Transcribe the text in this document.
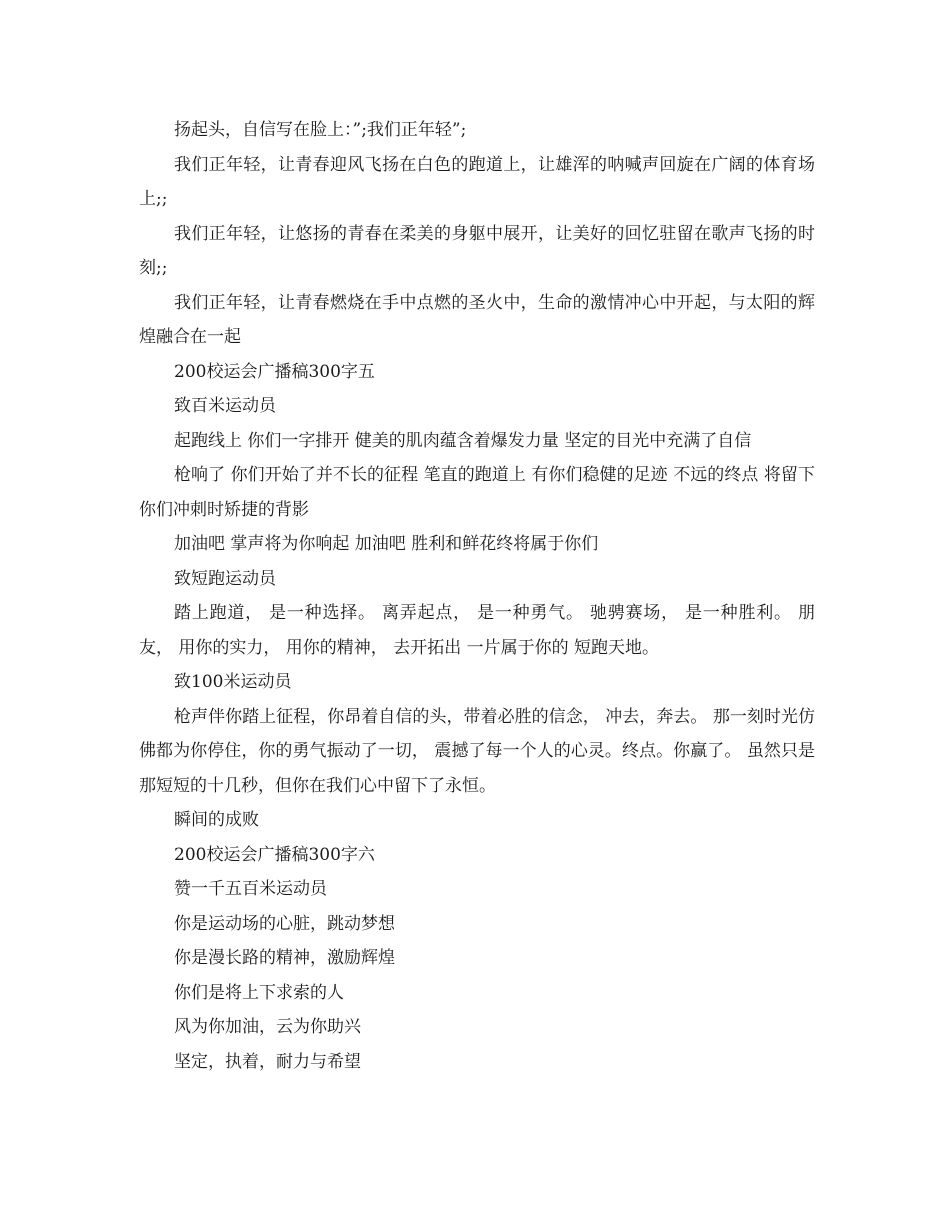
扬起头，自信写在脸上：”;我们正年轻”;

我们正年轻，让青春迎风飞扬在白色的跑道上，让雄浑的呐喊声回旋在广阔的体育场上;;

我们正年轻，让悠扬的青春在柔美的身躯中展开，让美好的回忆驻留在歌声飞扬的时刻;;

我们正年轻，让青春燃烧在手中点燃的圣火中，生命的激情冲心中开起，与太阳的辉煌融合在一起

200校运会广播稿300字五

致百米运动员

起跑线上 你们一字排开 健美的肌肉蕴含着爆发力量 坚定的目光中充满了自信

枪响了 你们开始了并不长的征程 笔直的跑道上 有你们稳健的足迹 不远的终点 将留下你们冲刺时矫捷的背影

加油吧 掌声将为你响起 加油吧 胜利和鲜花终将属于你们

致短跑运动员

踏上跑道， 是一种选择。 离弄起点， 是一种勇气。 驰骋赛场， 是一种胜利。 朋友， 用你的实力， 用你的精神， 去开拓出 一片属于你的 短跑天地。

致100米运动员

枪声伴你踏上征程，你昂着自信的头，带着必胜的信念， 冲去，奔去。 那一刻时光仿佛都为你停住，你的勇气振动了一切， 震撼了每一个人的心灵。终点。你赢了。 虽然只是那短短的十几秒，但你在我们心中留下了永恒。

瞬间的成败

200校运会广播稿300字六

赞一千五百米运动员

你是运动场的心脏，跳动梦想

你是漫长路的精神，激励辉煌

你们是将上下求索的人

风为你加油，云为你助兴

坚定，执着，耐力与希望
